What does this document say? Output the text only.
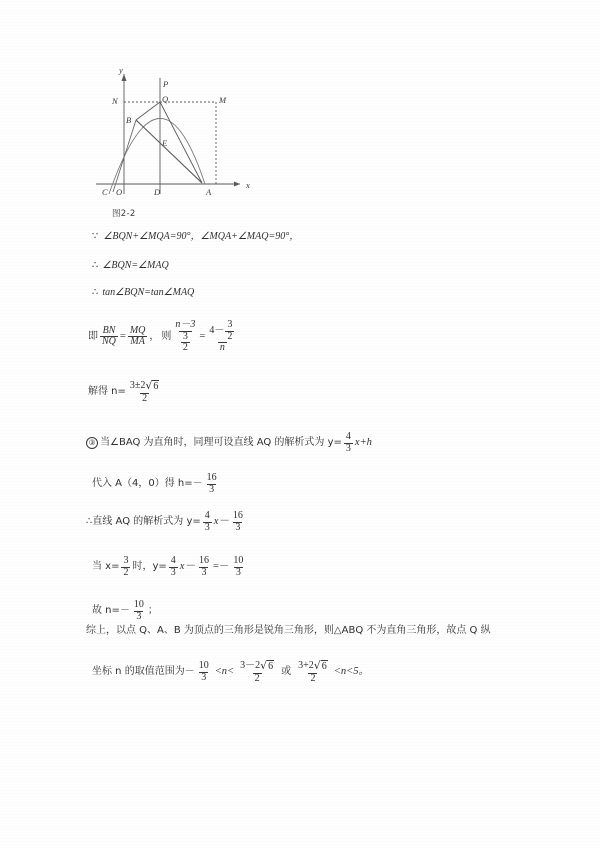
y
x
P
Q
N	M
B
E
C O	D	A
图2-2
∵ ∠BQN+∠MQA=90°，∠MQA+∠MAQ=90°，
∴ ∠BQN=∠MAQ
∴ tan∠BQN=tan∠MAQ
即 $\frac{BN}{NQ} = \frac{MQ}{MA}$ ， 则 $\frac{n-3}{\frac{3}{2}} = \frac{4- \frac{3}{2}}{n}$
解得 $n= \frac{3\pm 2 √ 6}{2}$
③ 当∠BAQ 为直角时，同理可设直线 AQ 的解析式为 $y= \frac{4}{3} x+h$
代入 A（4，0）得 $h=- \frac{16}{3}$
∴ 直线 AQ 的解析式为 $y= \frac{4}{3} x- \frac{16}{3}$
当 $x= \frac{3}{2}$ 时，$y= \frac{4}{3} x- \frac{16}{3} =- \frac{10}{3}$
故 $n=- \frac{10}{3}$ ；
综上，以点 Q、A、B 为顶点的三角形是锐角三角形，则△ABQ 不为直角三角形，故点 Q 纵
坐标 n 的取值范围为－ $\frac{10}{3} <n< \frac{3-2 √ 6}{2}$ 或 $\frac{3+2 √ 6}{2} <n<5$。
